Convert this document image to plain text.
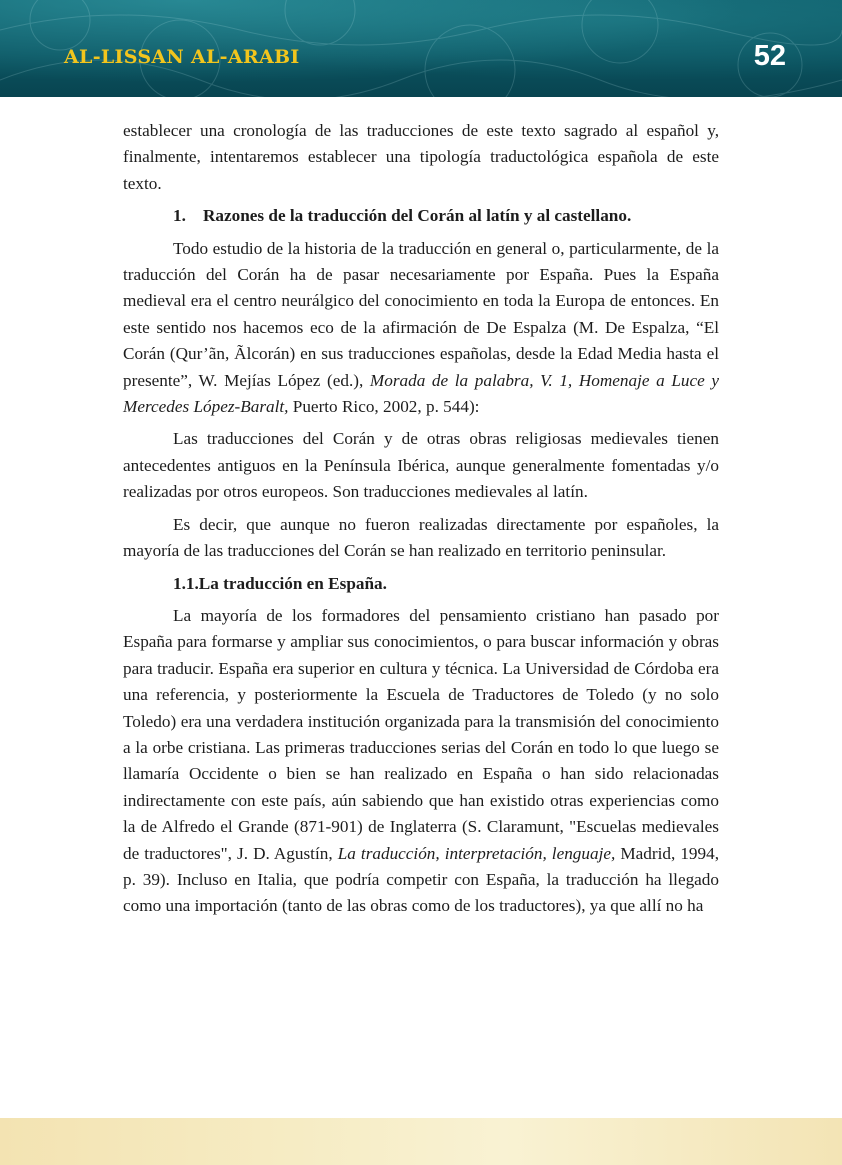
AL-LISSAN AL-ARABI	52

establecer una cronología de las traducciones de este texto sagrado al español y, finalmente, intentaremos establecer una tipología traductológica española de este texto.

1. Razones de la traducción del Corán al latín y al castellano.

Todo estudio de la historia de la traducción en general o, particularmente, de la traducción del Corán ha de pasar necesariamente por España. Pues la España medieval era el centro neurálgico del conocimiento en toda la Europa de entonces. En este sentido nos hacemos eco de la afirmación de De Espalza (M. De Espalza, “El Corán (Qur’ãn, Ãlcorán) en sus traducciones españolas, desde la Edad Media hasta el presente”, W. Mejías López (ed.), Morada de la palabra, V. 1, Homenaje a Luce y Mercedes López-Baralt, Puerto Rico, 2002, p. 544):

Las traducciones del Corán y de otras obras religiosas medievales tienen antecedentes antiguos en la Península Ibérica, aunque generalmente fomentadas y/o realizadas por otros europeos. Son traducciones medievales al latín.

Es decir, que aunque no fueron realizadas directamente por españoles, la mayoría de las traducciones del Corán se han realizado en territorio peninsular.

1.1.La traducción en España.

La mayoría de los formadores del pensamiento cristiano han pasado por España para formarse y ampliar sus conocimientos, o para buscar información y obras para traducir. España era superior en cultura y técnica. La Universidad de Córdoba era una referencia, y posteriormente la Escuela de Traductores de Toledo (y no solo Toledo) era una verdadera institución organizada para la transmisión del conocimiento a la orbe cristiana. Las primeras traducciones serias del Corán en todo lo que luego se llamaría Occidente o bien se han realizado en España o han sido relacionadas indirectamente con este país, aún sabiendo que han existido otras experiencias como la de Alfredo el Grande (871-901) de Inglaterra (S. Claramunt, "Escuelas medievales de traductores", J. D. Agustín, La traducción, interpretación, lenguaje, Madrid, 1994, p. 39). Incluso en Italia, que podría competir con España, la traducción ha llegado como una importación (tanto de las obras como de los traductores), ya que allí no ha
